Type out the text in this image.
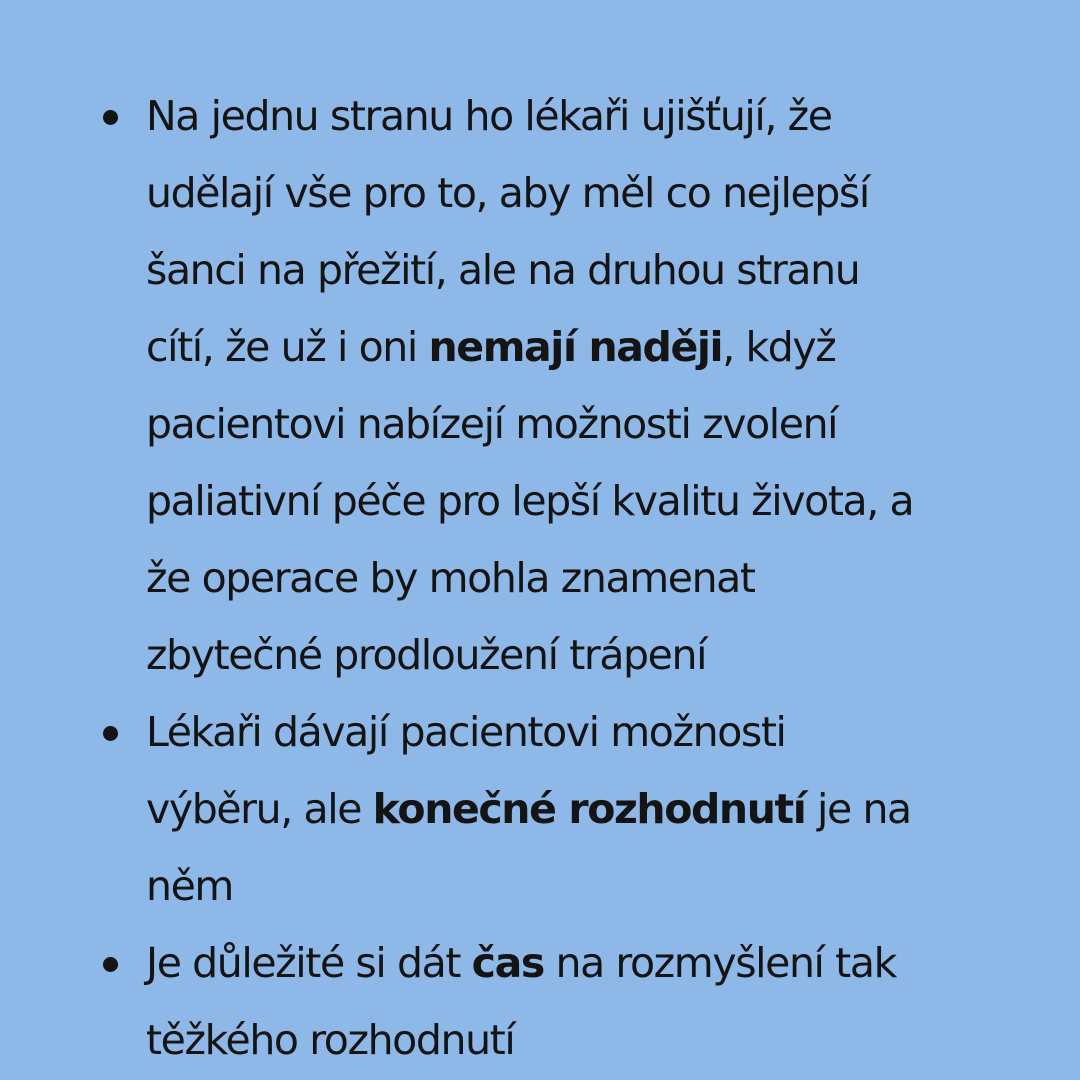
Na jednu stranu ho lékaři ujišťují, že
udělají vše pro to, aby měl co nejlepší
šanci na přežití, ale na druhou stranu
cítí, že už i oni nemají naději, když
pacientovi nabízejí možnosti zvolení
paliativní péče pro lepší kvalitu života, a
že operace by mohla znamenat
zbytečné prodloužení trápení
Lékaři dávají pacientovi možnosti
výběru, ale konečné rozhodnutí je na
něm
Je důležité si dát čas na rozmyšlení tak
těžkého rozhodnutí
